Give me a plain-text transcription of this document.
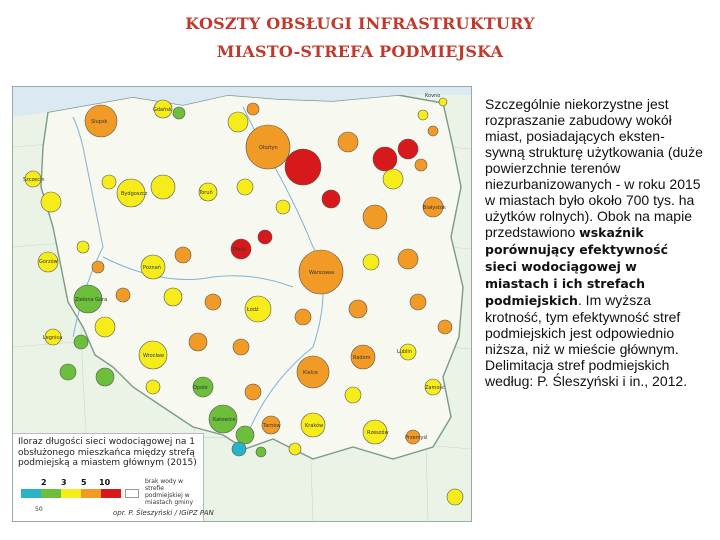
KOSZTY OBSŁUGI INFRASTRUKTURY
MIASTO-STREFA PODMIEJSKA
Kovno
Olsztyn
Gdańsk
Słupsk
Szczecin
Gorzów
Zielona Góra
Legnica
Wrocław
Poznań
Bydgoszcz	Toruń
Płock
Warszawa
Łódź
Kielce
Radom
Lublin
Białystok
Rzeszów
Kraków
Katowice
Opole
Tarnów
Przemyśl
Zamość
Iloraz długości sieci wodociągowej na 1 obsłużonego mieszkańca między strefą podmiejską a miastem głównym (2015)
2 3 5 10	brak wody w strefie podmiejskiej w miastach gminy
50	opr. P. Śleszyński / IGiPZ PAN
Szczególnie niekorzystne jest rozpraszanie zabudowy wokół miast, posiadających eksten-sywną strukturę użytkowania (duże powierzchnie terenów niezurbanizowanych - w roku 2015 w miastach było około 700 tys. ha użytków rolnych). Obok na mapie przedstawiono wskaźnik porównujący efektywność sieci wodociągowej w miastach i ich strefach podmiejskich. Im wyższa krotność, tym efektywność stref podmiejskich jest odpowiednio niższa, niż w mieście głównym. Delimitacja stref podmiejskich według: P. Śleszyński i in., 2012.
